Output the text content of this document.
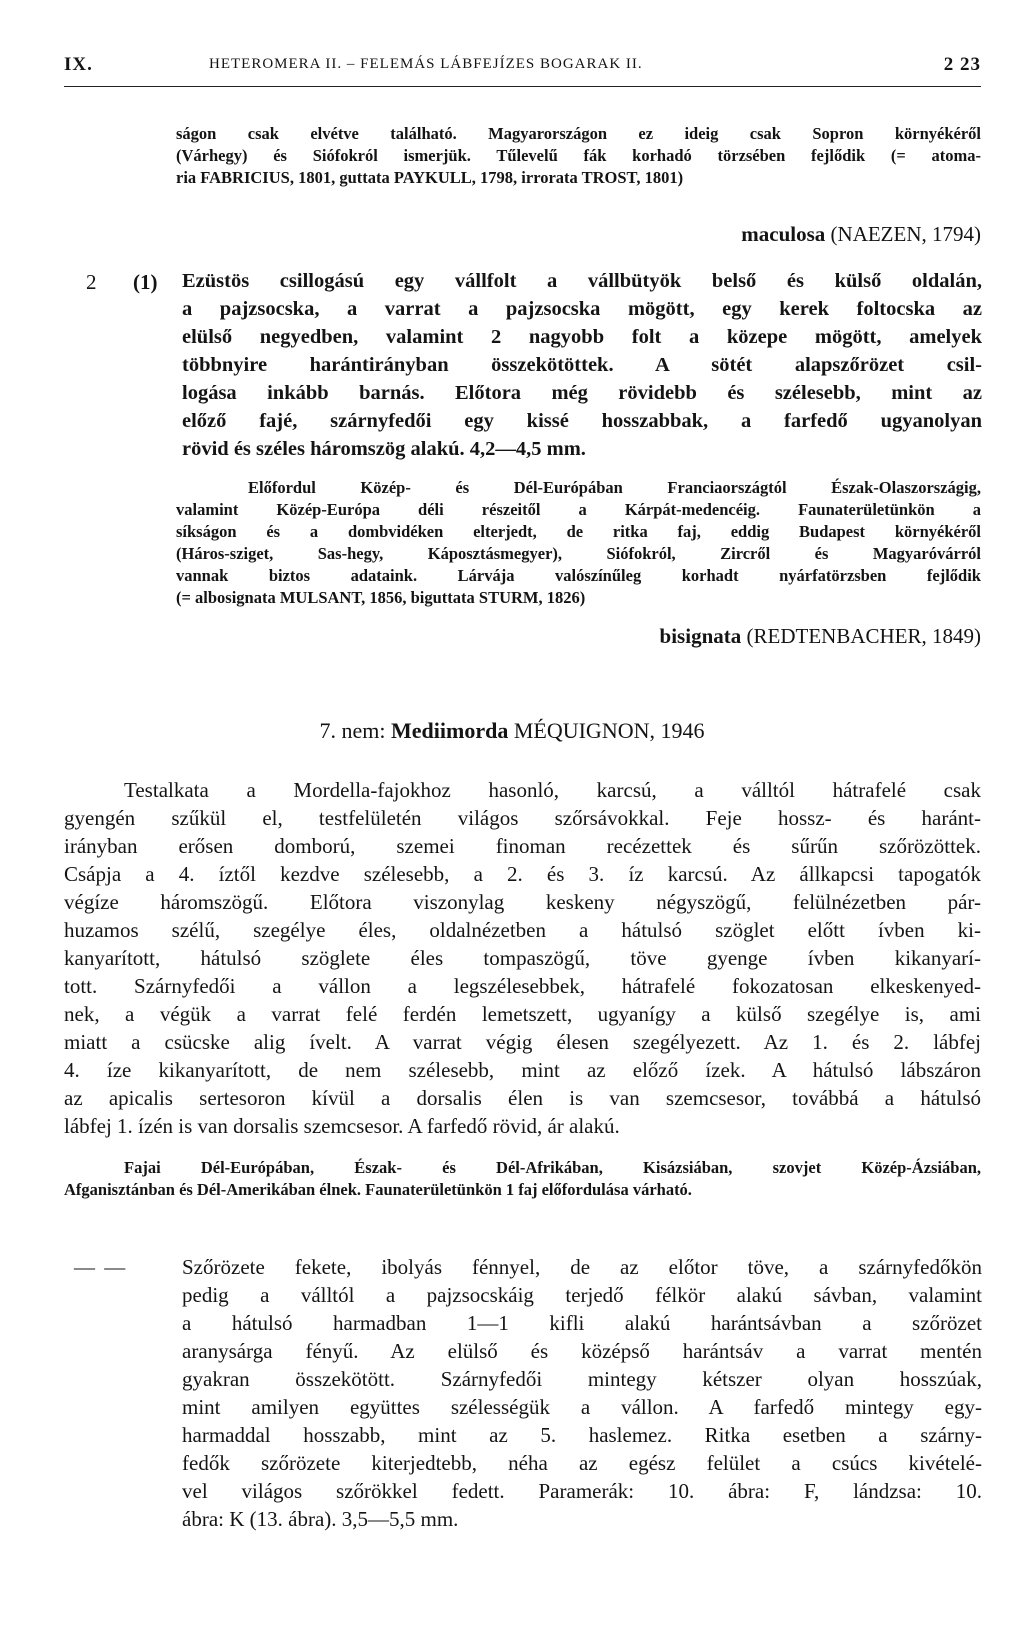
IX.	HETEROMERA II. – FELEMÁS LÁBFEJÍZES BOGARAK II.	2 23
ságon csak elvétve található. Magyarországon ez ideig csak Sopron környékéről
(Várhegy) és Siófokról ismerjük. Tűlevelű fák korhadó törzsében fejlődik (= atoma-
ria FABRICIUS, 1801, guttata PAYKULL, 1798, irrorata TROST, 1801)
maculosa (NAEZEN, 1794)
2 (1) Ezüstös csillogású egy vállfolt a vállbütyök belső és külső oldalán,
a pajzsocska, a varrat a pajzsocska mögött, egy kerek foltocska az
elülső negyedben, valamint 2 nagyobb folt a közepe mögött, amelyek
többnyire harántirányban összekötöttek. A sötét alapszőrözet csil-
logása inkább barnás. Előtora még rövidebb és szélesebb, mint az
előző fajé, szárnyfedői egy kissé hosszabbak, a farfedő ugyanolyan
rövid és széles háromszög alakú. 4,2—4,5 mm.
Előfordul Közép- és Dél-Európában Franciaországtól Észak-Olaszországig,
valamint Közép-Európa déli részeitől a Kárpát-medencéig. Faunaterületünkön a
síkságon és a dombvidéken elterjedt, de ritka faj, eddig Budapest környékéről
(Háros-sziget, Sas-hegy, Káposztásmegyer), Siófokról, Zircről és Magyaróvárról
vannak biztos adataink. Lárvája valószínűleg korhadt nyárfatörzsben fejlődik
(= albosignata MULSANT, 1856, biguttata STURM, 1826)
bisignata (REDTENBACHER, 1849)
7. nem: Mediimorda MÉQUIGNON, 1946
Testalkata a Mordella-fajokhoz hasonló, karcsú, a válltól hátrafelé csak
gyengén szűkül el, testfelületén világos szőrsávokkal. Feje hossz- és haránt-
irányban erősen domború, szemei finoman recézettek és sűrűn szőrözöttek.
Csápja a 4. íztől kezdve szélesebb, a 2. és 3. íz karcsú. Az állkapcsi tapogatók
végíze háromszögű. Előtora viszonylag keskeny négyszögű, felülnézetben pár-
huzamos szélű, szegélye éles, oldalnézetben a hátulsó szöglet előtt ívben ki-
kanyarított, hátulsó szöglete éles tompaszögű, töve gyenge ívben kikanyarí-
tott. Szárnyfedői a vállon a legszélesebbek, hátrafelé fokozatosan elkeskenyed-
nek, a végük a varrat felé ferdén lemetszett, ugyanígy a külső szegélye is, ami
miatt a csücske alig ívelt. A varrat végig élesen szegélyezett. Az 1. és 2. lábfej
4. íze kikanyarított, de nem szélesebb, mint az előző ízek. A hátulsó lábszáron
az apicalis sertesoron kívül a dorsalis élen is van szemcsesor, továbbá a hátulsó
lábfej 1. ízén is van dorsalis szemcsesor. A farfedő rövid, ár alakú.
Fajai Dél-Európában, Észak- és Dél-Afrikában, Kisázsiában, szovjet Közép-Ázsiában,
Afganisztánban és Dél-Amerikában élnek. Faunaterületünkön 1 faj előfordulása várható.
— —	Szőrözete fekete, ibolyás fénnyel, de az előtor töve, a szárnyfedőkön
pedig a válltól a pajzsocskáig terjedő félkör alakú sávban, valamint
a hátulsó harmadban 1—1 kifli alakú harántsávban a szőrözet
aranysárga fényű. Az elülső és középső harántsáv a varrat mentén
gyakran összekötött. Szárnyfedői mintegy kétszer olyan hosszúak,
mint amilyen együttes szélességük a vállon. A farfedő mintegy egy-
harmaddal hosszabb, mint az 5. haslemez. Ritka esetben a szárny-
fedők szőrözete kiterjedtebb, néha az egész felület a csúcs kivételé-
vel világos szőrökkel fedett. Paramerák: 10. ábra: F, lándzsa: 10.
ábra: K (13. ábra). 3,5—5,5 mm.
